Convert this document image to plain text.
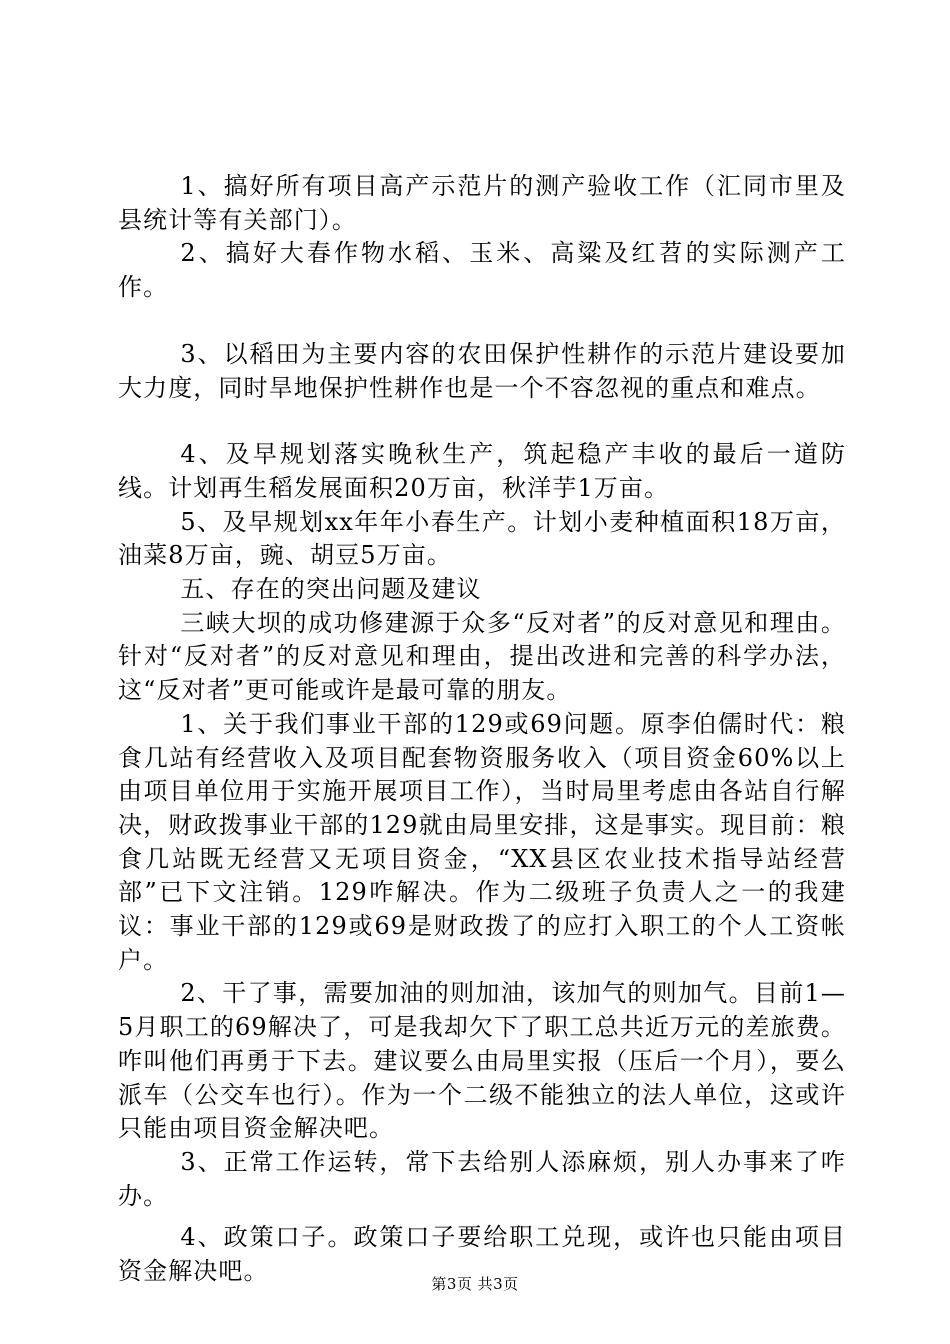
1、搞好所有项目高产示范片的测产验收工作（汇同市里及县统计等有关部门）。

2、搞好大春作物水稻、玉米、高粱及红苕的实际测产工作。

3、以稻田为主要内容的农田保护性耕作的示范片建设要加大力度，同时旱地保护性耕作也是一个不容忽视的重点和难点。

4、及早规划落实晚秋生产，筑起稳产丰收的最后一道防线。计划再生稻发展面积20万亩，秋洋芋1万亩。

5、及早规划xx年年小春生产。计划小麦种植面积18万亩，油菜8万亩，豌、胡豆5万亩。

五、存在的突出问题及建议

三峡大坝的成功修建源于众多“反对者”的反对意见和理由。针对“反对者”的反对意见和理由，提出改进和完善的科学办法，这“反对者”更可能或许是最可靠的朋友。

1、关于我们事业干部的129或69问题。原李伯儒时代：粮食几站有经营收入及项目配套物资服务收入（项目资金60%以上由项目单位用于实施开展项目工作），当时局里考虑由各站自行解决，财政拨事业干部的129就由局里安排，这是事实。现目前：粮食几站既无经营又无项目资金，“XX县区农业技术指导站经营部”已下文注销。129咋解决。作为二级班子负责人之一的我建议：事业干部的129或69是财政拨了的应打入职工的个人工资帐户。

2、干了事，需要加油的则加油，该加气的则加气。目前1—5月职工的69解决了，可是我却欠下了职工总共近万元的差旅费。咋叫他们再勇于下去。建议要么由局里实报（压后一个月），要么派车（公交车也行）。作为一个二级不能独立的法人单位，这或许只能由项目资金解决吧。

3、正常工作运转，常下去给别人添麻烦，别人办事来了咋办。

4、政策口子。政策口子要给职工兑现，或许也只能由项目资金解决吧。	第3页 共3页
